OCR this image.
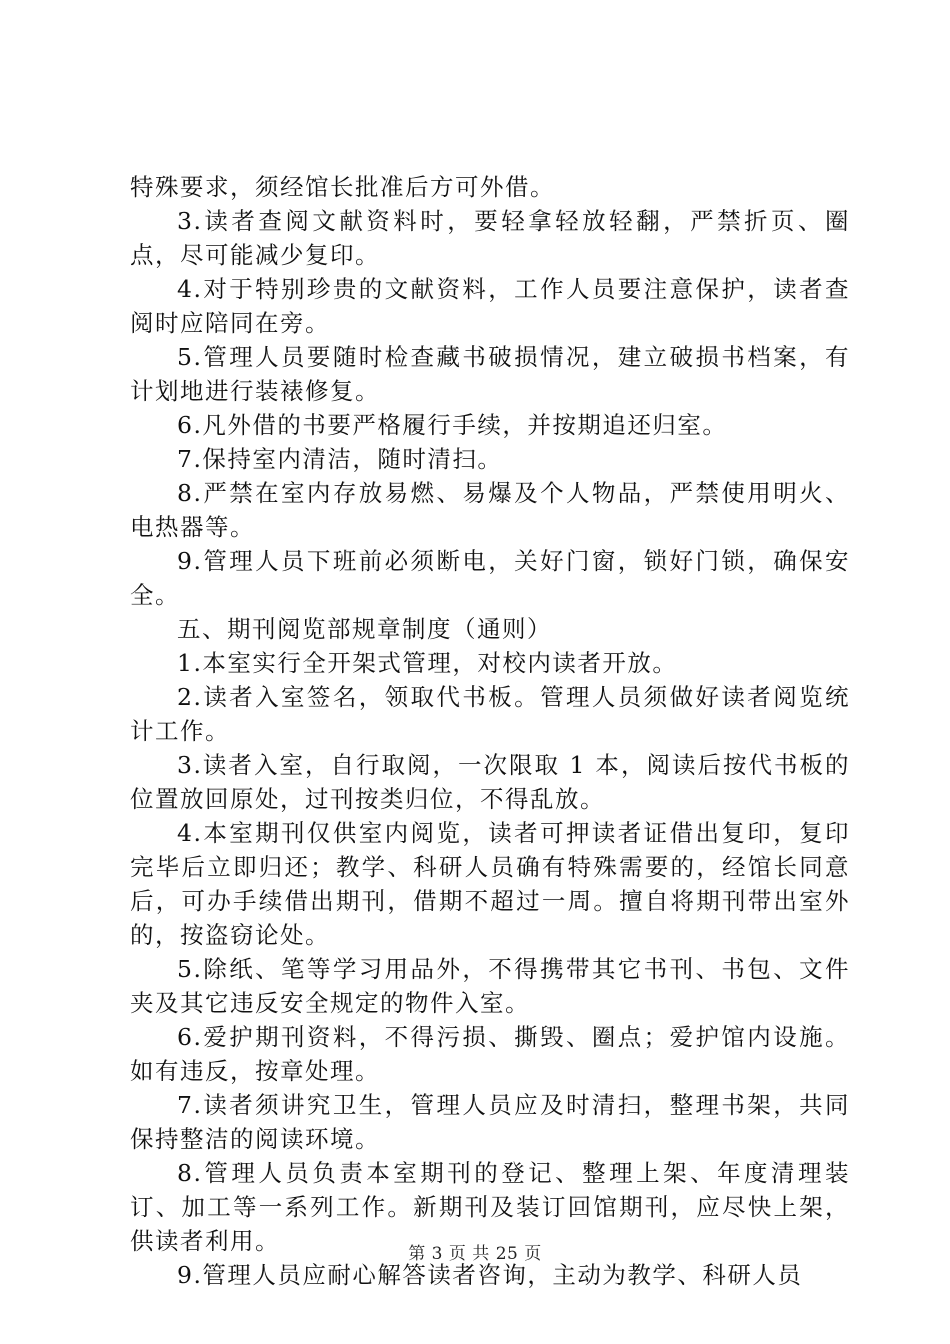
特殊要求，须经馆长批准后方可外借。

3.读者查阅文献资料时，要轻拿轻放轻翻，严禁折页、圈点，尽可能减少复印。

4.对于特别珍贵的文献资料，工作人员要注意保护，读者查阅时应陪同在旁。

5.管理人员要随时检查藏书破损情况，建立破损书档案，有计划地进行装裱修复。

6.凡外借的书要严格履行手续，并按期追还归室。

7.保持室内清洁，随时清扫。

8.严禁在室内存放易燃、易爆及个人物品，严禁使用明火、电热器等。

9.管理人员下班前必须断电，关好门窗，锁好门锁，确保安全。

五、期刊阅览部规章制度（通则）

1.本室实行全开架式管理，对校内读者开放。

2.读者入室签名，领取代书板。管理人员须做好读者阅览统计工作。

3.读者入室，自行取阅，一次限取 1 本，阅读后按代书板的位置放回原处，过刊按类归位，不得乱放。

4.本室期刊仅供室内阅览，读者可押读者证借出复印，复印完毕后立即归还；教学、科研人员确有特殊需要的，经馆长同意后，可办手续借出期刊，借期不超过一周。擅自将期刊带出室外的，按盗窃论处。

5.除纸、笔等学习用品外，不得携带其它书刊、书包、文件夹及其它违反安全规定的物件入室。

6.爱护期刊资料，不得污损、撕毁、圈点；爱护馆内设施。如有违反，按章处理。

7.读者须讲究卫生，管理人员应及时清扫，整理书架，共同保持整洁的阅读环境。

8.管理人员负责本室期刊的登记、整理上架、年度清理装订、加工等一系列工作。新期刊及装订回馆期刊，应尽快上架，供读者利用。

9.管理人员应耐心解答读者咨询，主动为教学、科研人员

第 3 页 共 25 页
